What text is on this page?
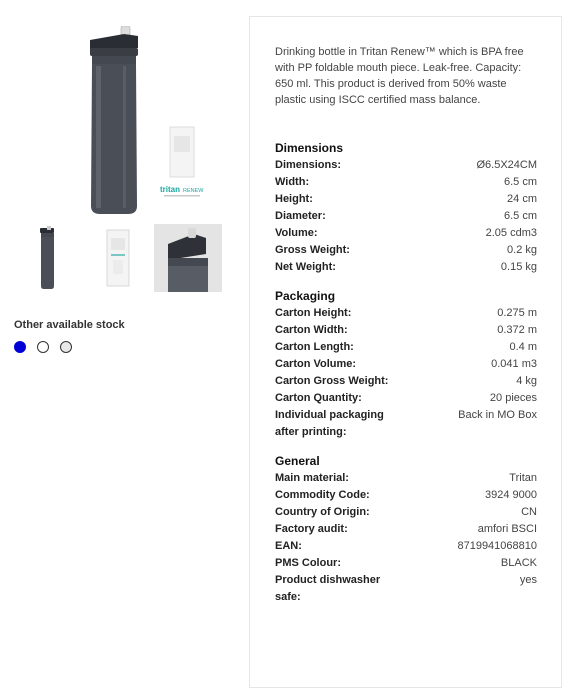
tritan RENEW
Other available stock

Drinking bottle in Tritan Renew™ which is BPA free with PP foldable mouth piece. Leak-free. Capacity: 650 ml. This product is derived from 50% waste plastic using ISCC certified mass balance.

Dimensions
Dimensions:	Ø6.5X24CM
Width:	6.5 cm
Height:	24 cm
Diameter:	6.5 cm
Volume:	2.05 cdm3
Gross Weight:	0.2 kg
Net Weight:	0.15 kg
Packaging
Carton Height:	0.275 m
Carton Width:	0.372 m
Carton Length:	0.4 m
Carton Volume:	0.041 m3
Carton Gross Weight:	4 kg
Carton Quantity:	20 pieces
Individual packaging after printing:
Back in MO Box
General
Main material:	Tritan
Commodity Code:	3924 9000
Country of Origin:	CN
Factory audit:	amfori BSCI
EAN:	8719941068810
PMS Colour:	BLACK
Product dishwasher safe:
yes
